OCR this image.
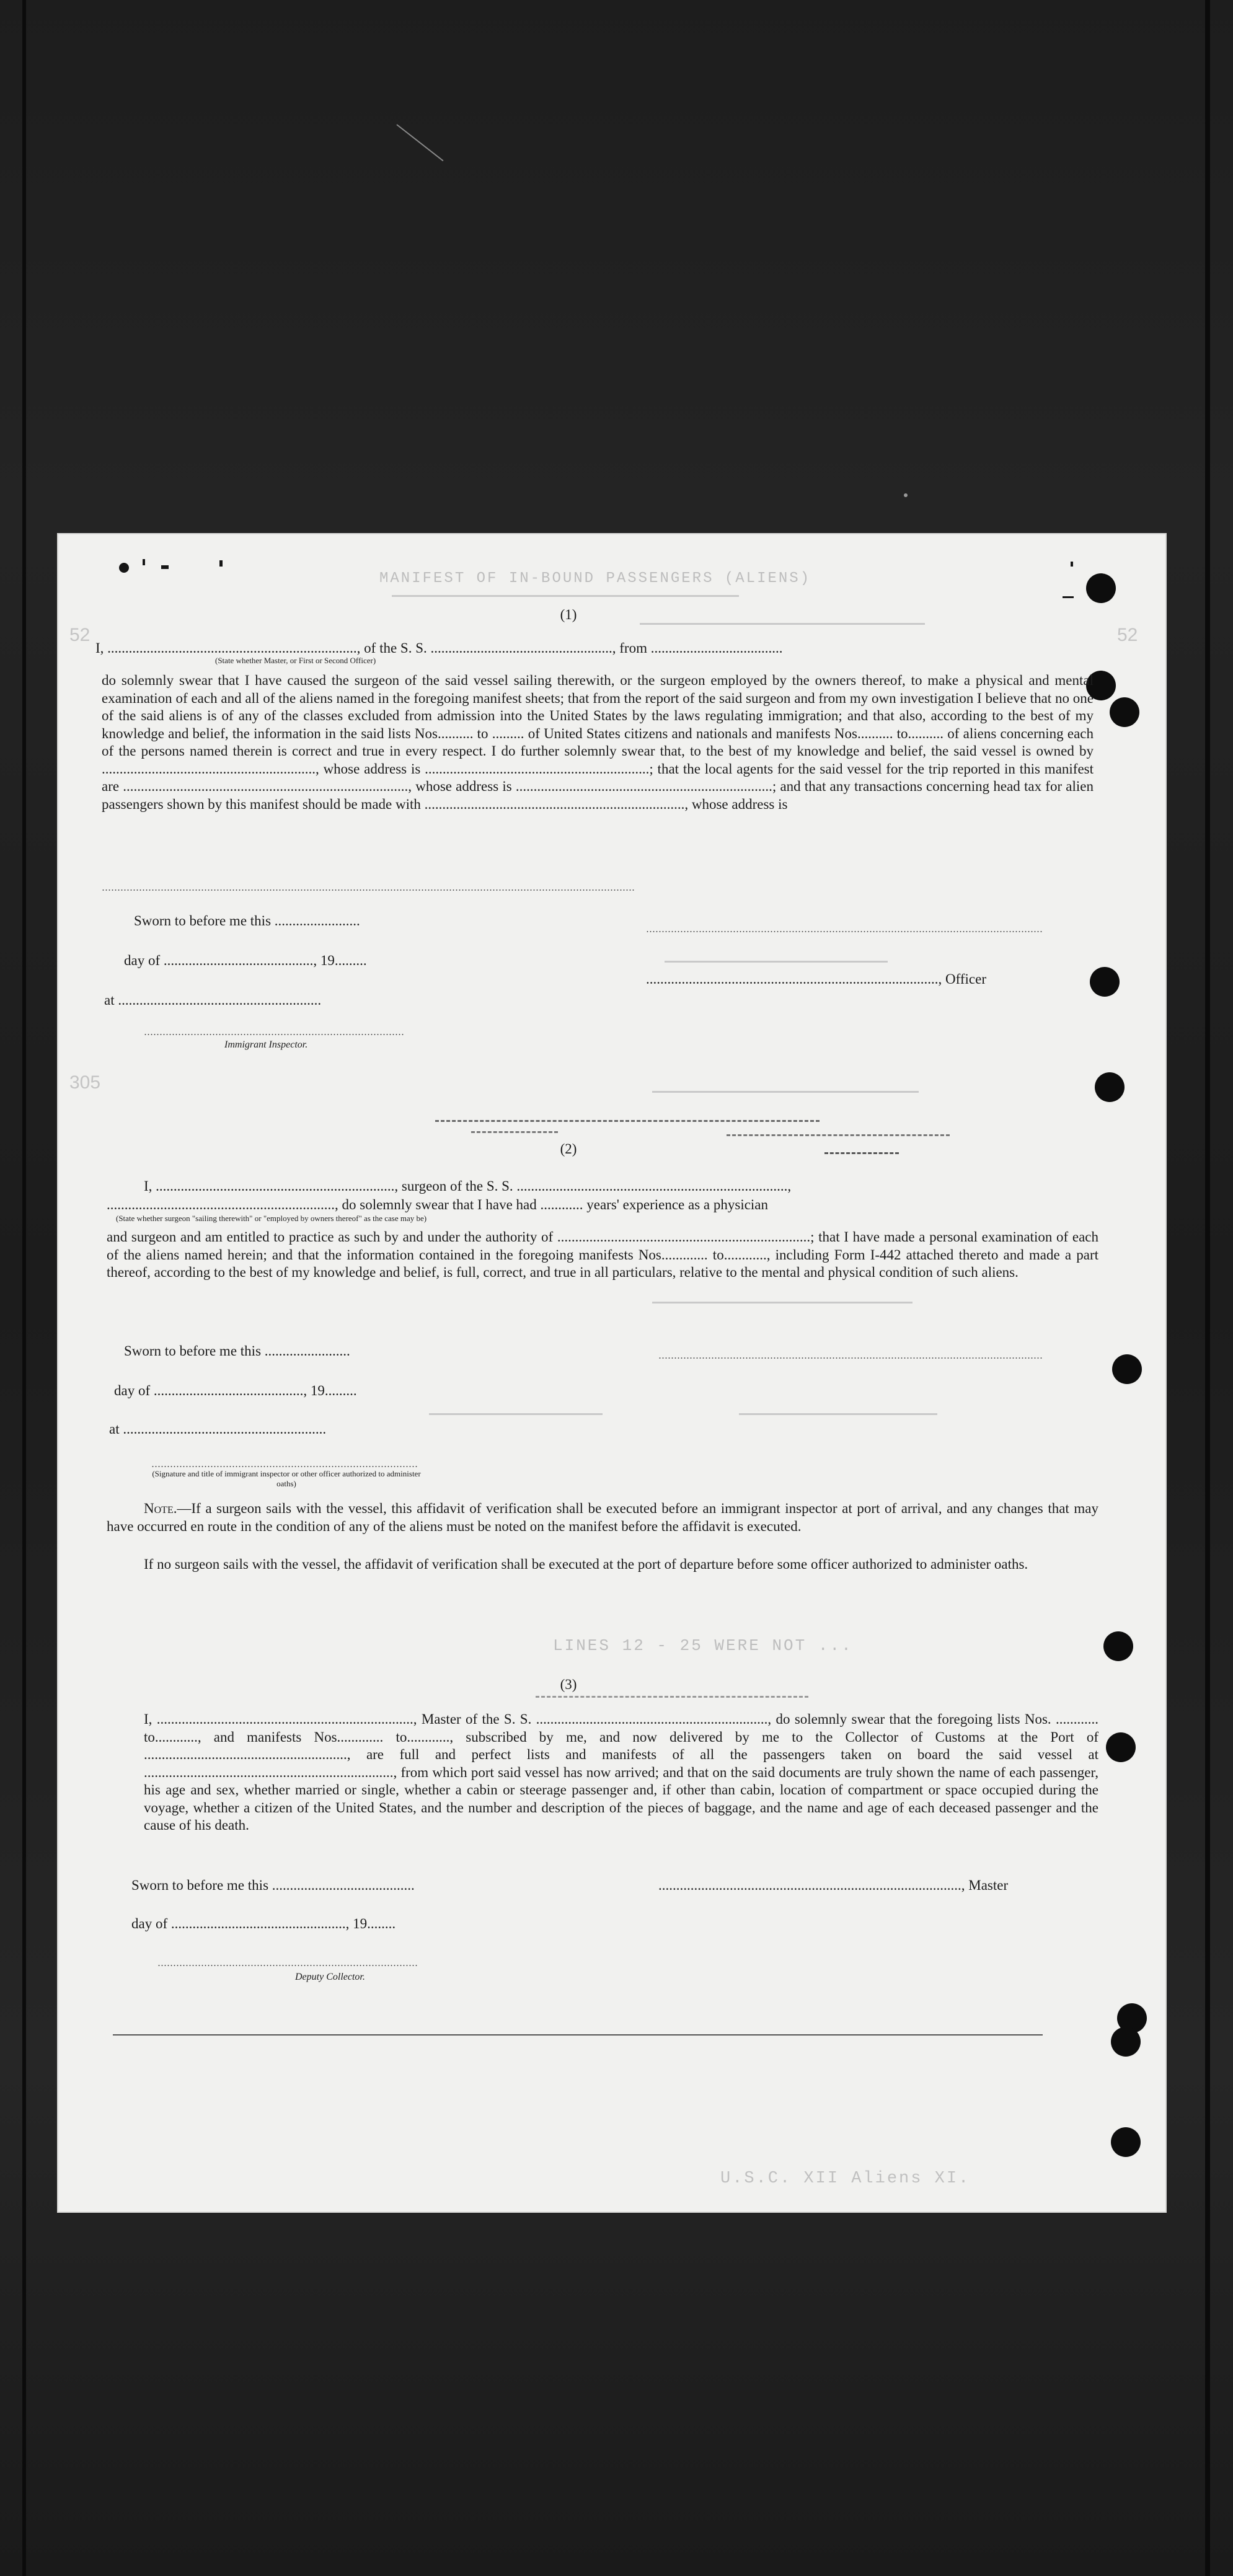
MANIFEST OF IN-BOUND PASSENGERS (ALIENS)
LINES 12 - 25 WERE NOT ...
U.S.C. XII Aliens XI.
52	52
305
(1)
I, ......................................................................, of the S. S. ..................................................., from .....................................
(State whether Master, or First or Second Officer)
do solemnly swear that I have caused the surgeon of the said vessel sailing therewith, or the surgeon employed by the owners thereof, to make a physical and mental examination of each and all of the aliens named in the foregoing manifest sheets; that from the report of the said surgeon and from my own investigation I believe that no one of the said aliens is of any of the classes excluded from admission into the United States by the laws regulating immigration; and that also, according to the best of my knowledge and belief, the information in the said lists Nos.......... to ......... of United States citizens and nationals and manifests Nos.......... to.......... of aliens concerning each of the persons named therein is correct and true in every respect. I do further solemnly swear that, to the best of my knowledge and belief, the said vessel is owned by ............................................................, whose address is ...............................................................; that the local agents for the said vessel for the trip reported in this manifest are ................................................................................, whose address is ........................................................................; and that any transactions concerning head tax for alien passengers shown by this manifest should be made with ........................................................................., whose address is
Sworn to before me this ........................
day of .........................................., 19.........
at .........................................................
Immigrant Inspector.
.................................................................................., Officer
(2)
I, ..................................................................., surgeon of the S. S. ............................................................................,
................................................................, do solemnly swear that I have had ............ years' experience as a physician
(State whether surgeon "sailing therewith" or "employed by owners thereof" as the case may be)
and surgeon and am entitled to practice as such by and under the authority of .......................................................................; that I have made a personal examination of each of the aliens named herein; and that the information contained in the foregoing manifests Nos............. to............, including Form I-442 attached thereto and made a part thereof, according to the best of my knowledge and belief, is full, correct, and true in all particulars, relative to the mental and physical condition of such aliens.
Sworn to before me this ........................
day of .........................................., 19.........
at .........................................................
(Signature and title of immigrant inspector or other officer authorized to administer oaths)
Note.—If a surgeon sails with the vessel, this affidavit of verification shall be executed before an immigrant inspector at port of arrival, and any changes that may have occurred en route in the condition of any of the aliens must be noted on the manifest before the affidavit is executed.
If no surgeon sails with the vessel, the affidavit of verification shall be executed at the port of departure before some officer authorized to administer oaths.
(3)
I, ........................................................................, Master of the S. S. ................................................................., do solemnly swear that the foregoing lists Nos. ............ to............, and manifests Nos............. to............, subscribed by me, and now delivered by me to the Collector of Customs at the Port of ........................................................., are full and perfect lists and manifests of all the passengers taken on board the said vessel at ......................................................................, from which port said vessel has now arrived; and that on the said documents are truly shown the name of each passenger, his age and sex, whether married or single, whether a cabin or steerage passenger and, if other than cabin, location of compartment or space occupied during the voyage, whether a citizen of the United States, and the number and description of the pieces of baggage, and the name and age of each deceased passenger and the cause of his death.
Sworn to before me this ........................................
day of ................................................., 19........
Deputy Collector.
....................................................................................., Master
